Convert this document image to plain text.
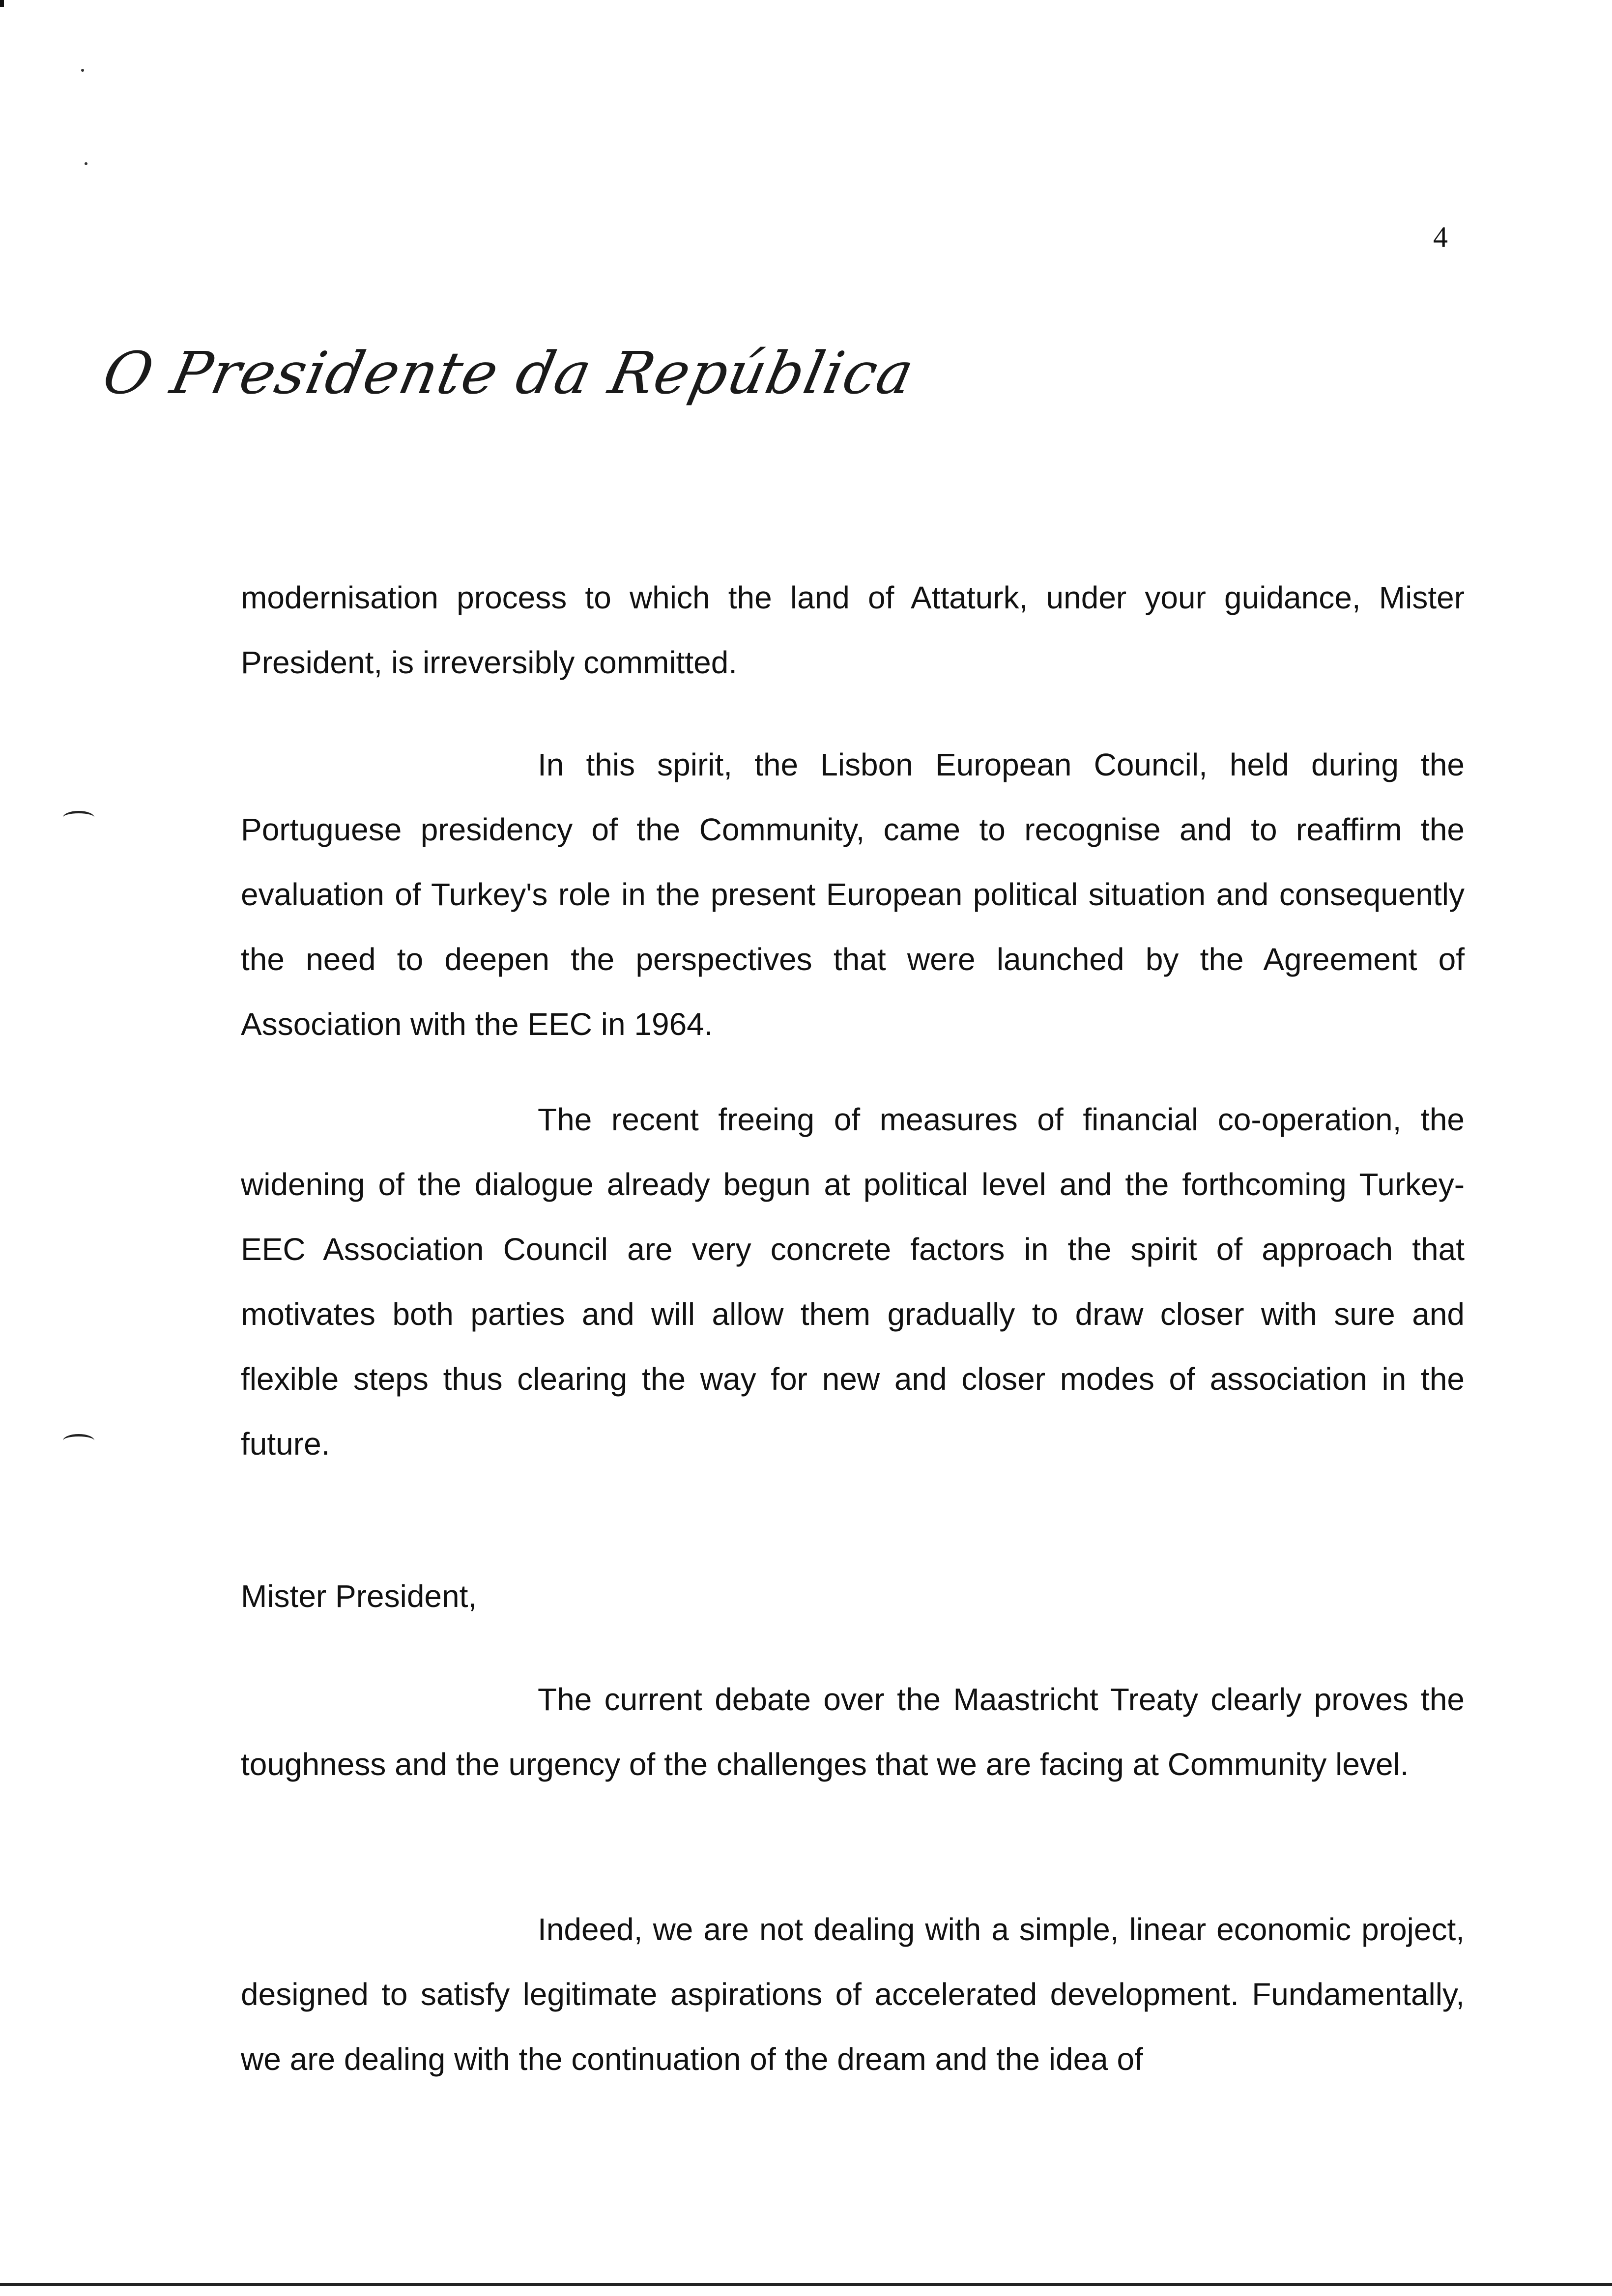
4
O Presidente da República

modernisation process to which the land of Attaturk, under your guidance, Mister President, is irreversibly committed.

In this spirit, the Lisbon European Council, held during the Portuguese presidency of the Community, came to recognise and to reaffirm the evaluation of Turkey's role in the present European political situation and consequently the need to deepen the perspectives that were launched by the Agreement of Association with the EEC in 1964.

The recent freeing of measures of financial co-operation, the widening of the dialogue already begun at political level and the forthcoming Turkey-EEC Association Council are very concrete factors in the spirit of approach that motivates both parties and will allow them gradually to draw closer with sure and flexible steps thus clearing the way for new and closer modes of association in the future.

Mister President,

The current debate over the Maastricht Treaty clearly proves the toughness and the urgency of the challenges that we are facing at Community level.

Indeed, we are not dealing with a simple, linear economic project, designed to satisfy legitimate aspirations of accelerated development. Fundamentally, we are dealing with the continuation of the dream and the idea of
